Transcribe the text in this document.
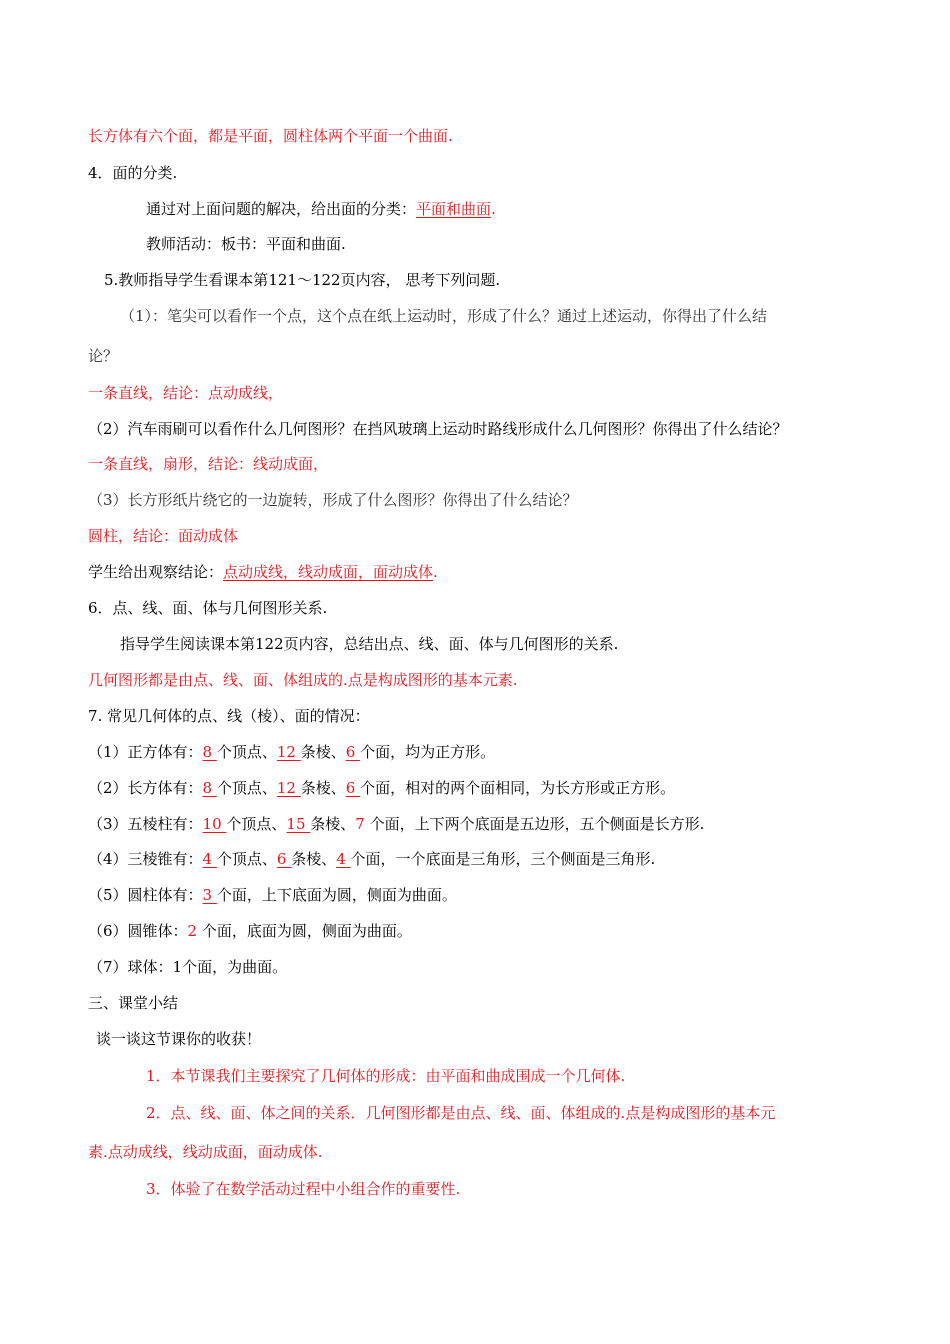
长方体有六个面，都是平面，圆柱体两个平面一个曲面.
4．面的分类.
通过对上面问题的解决，给出面的分类：平面和曲面.
教师活动：板书：平面和曲面.
5.教师指导学生看课本第121～122页内容， 思考下列问题.
（1）：笔尖可以看作一个点，这个点在纸上运动时，形成了什么？通过上述运动，你得出了什么结
论？
一条直线，结论：点动成线，
（2）汽车雨刷可以看作什么几何图形？在挡风玻璃上运动时路线形成什么几何图形？你得出了什么结论？
一条直线，扇形，结论：线动成面，
（3）长方形纸片绕它的一边旋转，形成了什么图形？你得出了什么结论？
圆柱，结论：面动成体
学生给出观察结论：点动成线，线动成面，面动成体.
6．点、线、面、体与几何图形关系.
指导学生阅读课本第122页内容，总结出点、线、面、体与几何图形的关系.
几何图形都是由点、线、面、体组成的.点是构成图形的基本元素.
7. 常见几何体的点、线（棱）、面的情况：
（1）正方体有：8 个顶点、12 条棱、6 个面，均为正方形。
（2）长方体有：8 个顶点、12 条棱、6 个面，相对的两个面相同，为长方形或正方形。
（3）五棱柱有：10 个顶点、15 条棱、7 个面，上下两个底面是五边形，五个侧面是长方形.
（4）三棱锥有：4 个顶点、6 条棱、4 个面，一个底面是三角形，三个侧面是三角形.
（5）圆柱体有：3 个面，上下底面为圆，侧面为曲面。
（6）圆锥体：2 个面，底面为圆，侧面为曲面。
（7）球体：1个面，为曲面。
三、课堂小结
谈一谈这节课你的收获！
1．本节课我们主要探究了几何体的形成：由平面和曲成围成一个几何体.
2．点、线、面、体之间的关系．几何图形都是由点、线、面、体组成的.点是构成图形的基本元
素.点动成线，线动成面，面动成体.
3．体验了在数学活动过程中小组合作的重要性.
